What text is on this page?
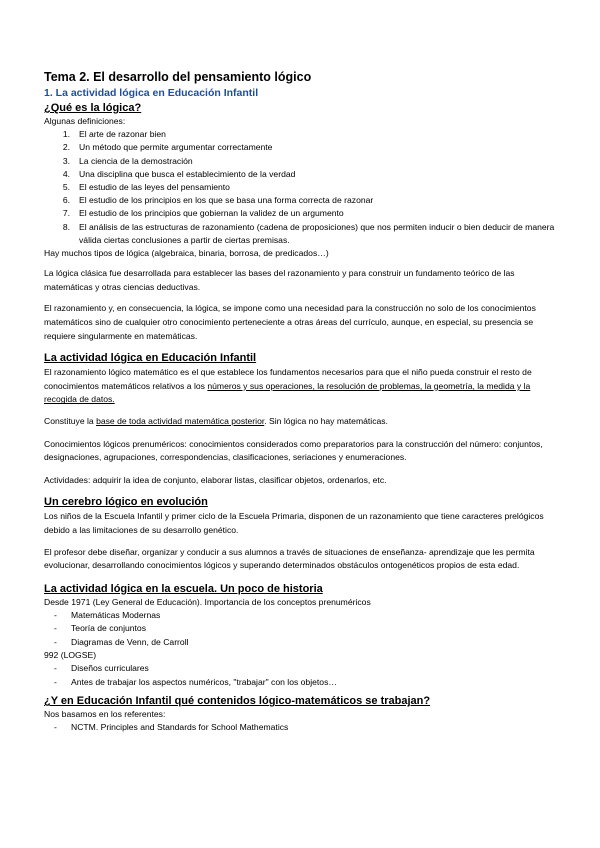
Tema 2. El desarrollo del pensamiento lógico
1. La actividad lógica en Educación Infantil
¿Qué es la lógica?
Algunas definiciones:
1.	El arte de razonar bien
2.	Un método que permite argumentar correctamente
3.	La ciencia de la demostración
4.	Una disciplina que busca el establecimiento de la verdad
5.	El estudio de las leyes del pensamiento
6.	El estudio de los principios en los que se basa una forma correcta de razonar
7.	El estudio de los principios que gobiernan la validez de un argumento
8.	El análisis de las estructuras de razonamiento (cadena de proposiciones) que nos permiten inducir o bien deducir de manera válida ciertas conclusiones a partir de ciertas premisas.
Hay muchos tipos de lógica (algebraica, binaria, borrosa, de predicados…)
La lógica clásica fue desarrollada para establecer las bases del razonamiento y para construir un fundamento teórico de las matemáticas y otras ciencias deductivas.
El razonamiento y, en consecuencia, la lógica, se impone como una necesidad para la construcción no solo de los conocimientos matemáticos sino de cualquier otro conocimiento perteneciente a otras áreas del currículo, aunque, en especial, su presencia se requiere singularmente en matemáticas.
La actividad lógica en Educación Infantil
El razonamiento lógico matemático es el que establece los fundamentos necesarios para que el niño pueda construir el resto de conocimientos matemáticos relativos a los números y sus operaciones, la resolución de problemas, la geometría, la medida y la recogida de datos.
Constituye la base de toda actividad matemática posterior. Sin lógica no hay matemáticas.
Conocimientos lógicos prenuméricos: conocimientos considerados como preparatorios para la construcción del número: conjuntos, designaciones, agrupaciones, correspondencias, clasificaciones, seriaciones y enumeraciones.
Actividades: adquirir la idea de conjunto, elaborar listas, clasificar objetos, ordenarlos, etc.
Un cerebro lógico en evolución
Los niños de la Escuela Infantil y primer ciclo de la Escuela Primaria, disponen de un razonamiento que tiene caracteres prelógicos debido a las limitaciones de su desarrollo genético.
El profesor debe diseñar, organizar y conducir a sus alumnos a través de situaciones de enseñanza- aprendizaje que les permita evolucionar, desarrollando conocimientos lógicos y superando determinados obstáculos ontogenéticos propios de esta edad.
La actividad lógica en la escuela. Un poco de historia
Desde 1971 (Ley General de Educación). Importancia de los conceptos prenuméricos
-	Matemáticas Modernas
-	Teoría de conjuntos
-	Diagramas de Venn, de Carroll
992 (LOGSE)
-	Diseños curriculares
-	Antes de trabajar los aspectos numéricos, "trabajar" con los objetos…
¿Y en Educación Infantil qué contenidos lógico-matemáticos se trabajan?
Nos basamos en los referentes:
-	NCTM. Principles and Standards for School Mathematics
